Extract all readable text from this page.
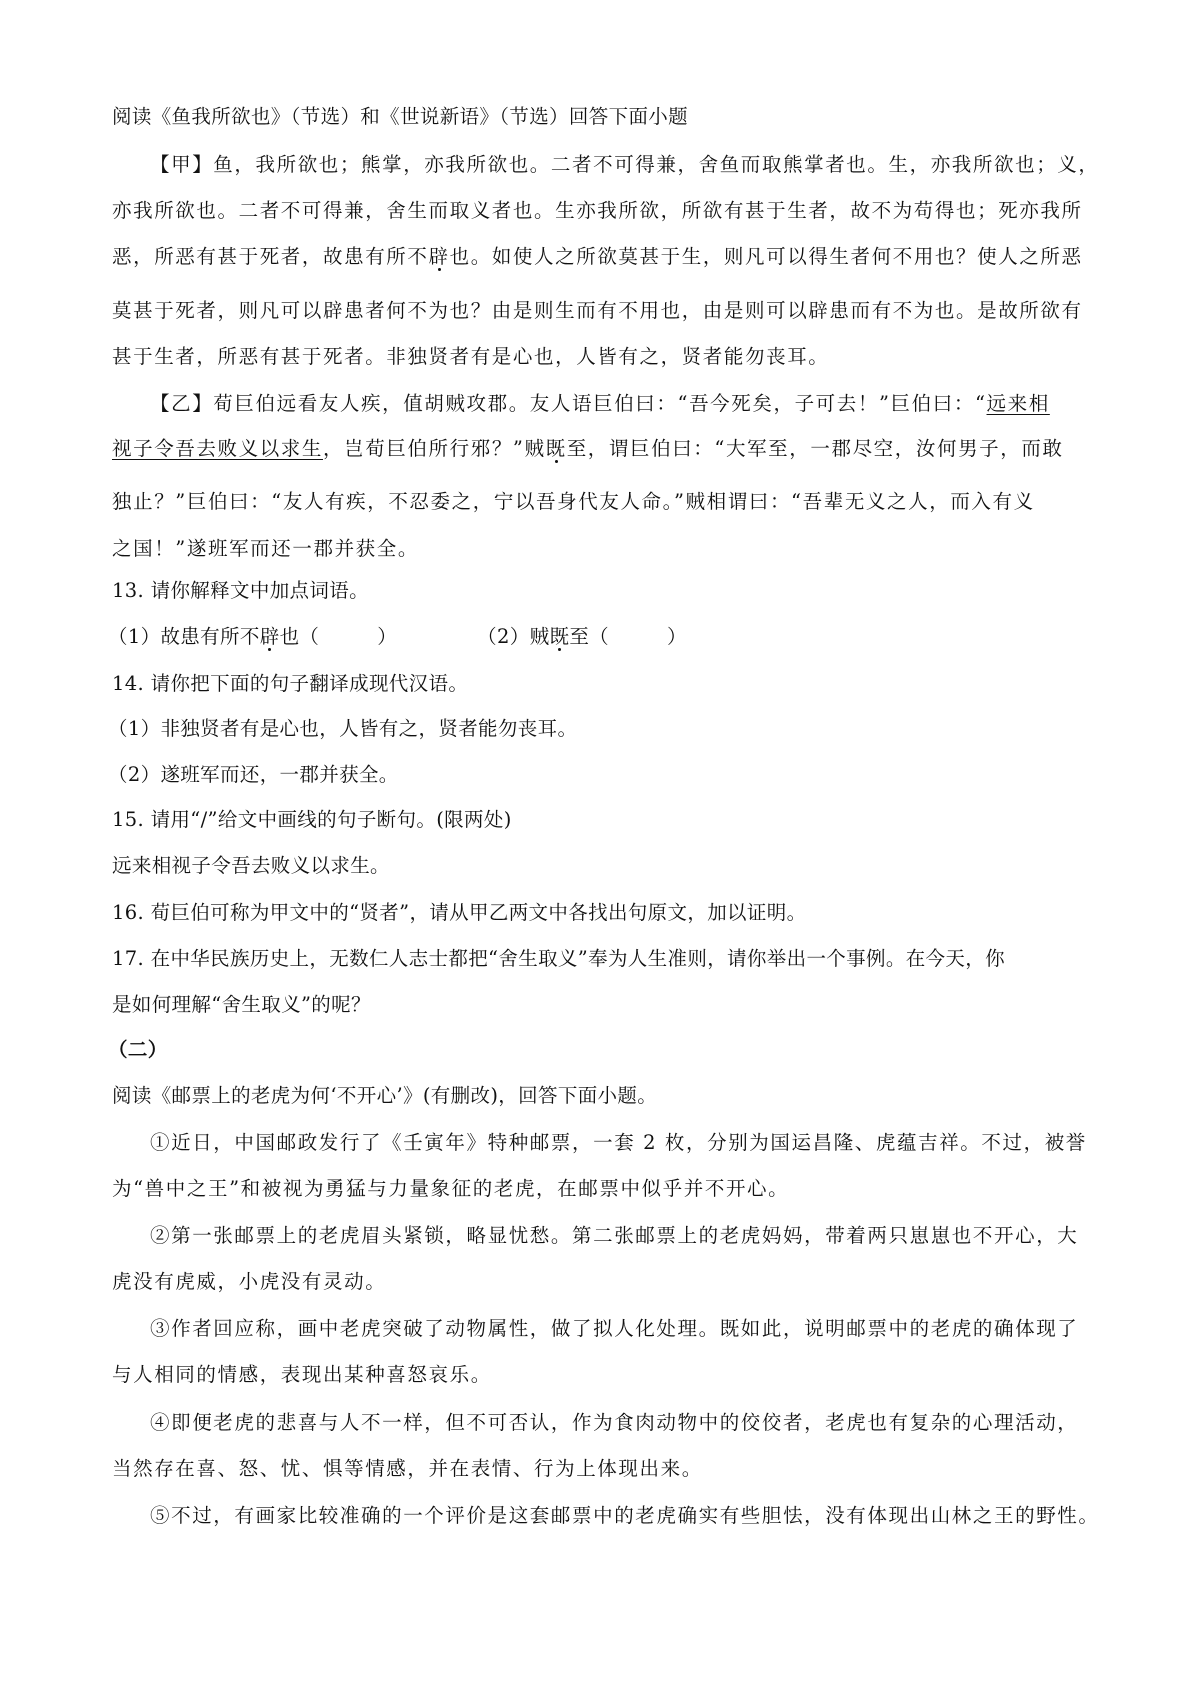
阅读《鱼我所欲也》（节选）和《世说新语》（节选）回答下面小题
【甲】鱼，我所欲也；熊掌，亦我所欲也。二者不可得兼，舍鱼而取熊掌者也。生，亦我所欲也；义，
亦我所欲也。二者不可得兼，舍生而取义者也。生亦我所欲，所欲有甚于生者，故不为苟得也；死亦我所
恶，所恶有甚于死者，故患有所不辟也。如使人之所欲莫甚于生，则凡可以得生者何不用也？使人之所恶
莫甚于死者，则凡可以辟患者何不为也？由是则生而有不用也，由是则可以辟患而有不为也。是故所欲有
甚于生者，所恶有甚于死者。非独贤者有是心也，人皆有之，贤者能勿丧耳。
【乙】荀巨伯远看友人疾，值胡贼攻郡。友人语巨伯曰：“吾今死矣，子可去！”巨伯曰：“远来相
视子令吾去败义以求生，岂荀巨伯所行邪？”贼既至，谓巨伯曰：“大军至，一郡尽空，汝何男子，而敢
独止？”巨伯曰：“友人有疾，不忍委之，宁以吾身代友人命。”贼相谓曰：“吾辈无义之人，而入有义
之国！”遂班军而还一郡并获全。
13. 请你解释文中加点词语。
（1）故患有所不辟也（	）	（2）贼既至（	）
14. 请你把下面的句子翻译成现代汉语。
（1）非独贤者有是心也，人皆有之，贤者能勿丧耳。
（2）遂班军而还，一郡并获全。
15. 请用“/”给文中画线的句子断句。(限两处)
远来相视子令吾去败义以求生。
16. 荀巨伯可称为甲文中的“贤者”，请从甲乙两文中各找出句原文，加以证明。
17. 在中华民族历史上，无数仁人志士都把“舍生取义”奉为人生准则，请你举出一个事例。在今天，你
是如何理解“舍生取义”的呢？
（二）
阅读《邮票上的老虎为何‘不开心’》(有删改)，回答下面小题。
①近日，中国邮政发行了《壬寅年》特种邮票，一套 2 枚，分别为国运昌隆、虎蕴吉祥。不过，被誉
为“兽中之王”和被视为勇猛与力量象征的老虎，在邮票中似乎并不开心。
②第一张邮票上的老虎眉头紧锁，略显忧愁。第二张邮票上的老虎妈妈，带着两只崽崽也不开心，大
虎没有虎威，小虎没有灵动。
③作者回应称，画中老虎突破了动物属性，做了拟人化处理。既如此，说明邮票中的老虎的确体现了
与人相同的情感，表现出某种喜怒哀乐。
④即便老虎的悲喜与人不一样，但不可否认，作为食肉动物中的佼佼者，老虎也有复杂的心理活动，
当然存在喜、怒、忧、惧等情感，并在表情、行为上体现出来。
⑤不过，有画家比较准确的一个评价是这套邮票中的老虎确实有些胆怯，没有体现出山林之王的野性。
